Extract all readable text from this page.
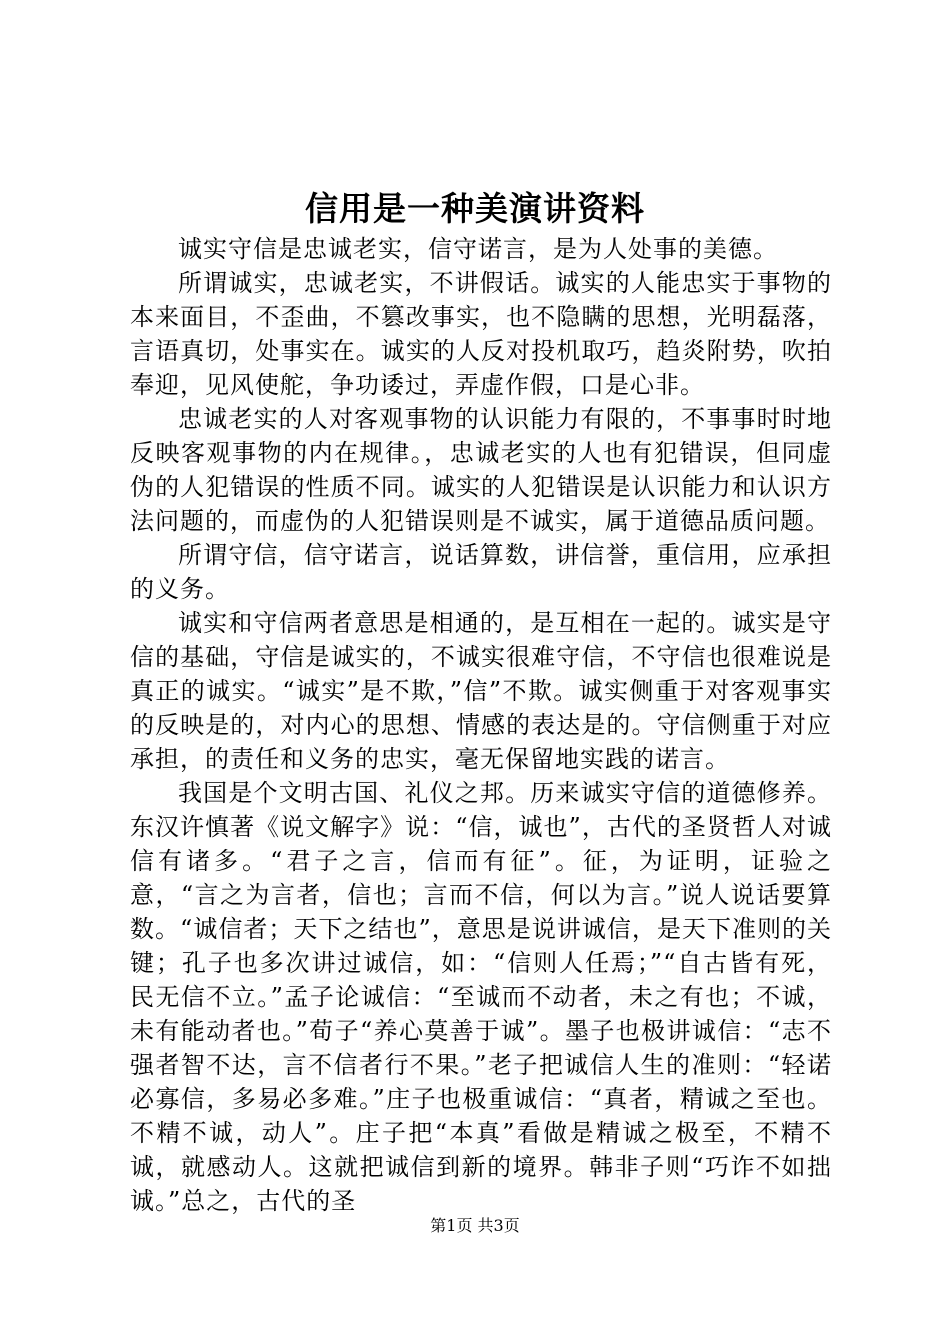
信用是一种美演讲资料

诚实守信是忠诚老实，信守诺言，是为人处事的美德。

所谓诚实，忠诚老实，不讲假话。诚实的人能忠实于事物的本来面目，不歪曲，不篡改事实，也不隐瞒的思想，光明磊落，言语真切，处事实在。诚实的人反对投机取巧，趋炎附势，吹拍奉迎，见风使舵，争功诿过，弄虚作假，口是心非。

忠诚老实的人对客观事物的认识能力有限的，不事事时时地反映客观事物的内在规律。，忠诚老实的人也有犯错误，但同虚伪的人犯错误的性质不同。诚实的人犯错误是认识能力和认识方法问题的，而虚伪的人犯错误则是不诚实，属于道德品质问题。

所谓守信，信守诺言，说话算数，讲信誉，重信用，应承担的义务。

诚实和守信两者意思是相通的，是互相在一起的。诚实是守信的基础，守信是诚实的，不诚实很难守信，不守信也很难说是真正的诚实。“诚实”是不欺，”信”不欺。诚实侧重于对客观事实的反映是的，对内心的思想、情感的表达是的。守信侧重于对应承担，的责任和义务的忠实，毫无保留地实践的诺言。

我国是个文明古国、礼仪之邦。历来诚实守信的道德修养。东汉许慎著《说文解字》说：“信，诚也”，古代的圣贤哲人对诚信有诸多。“君子之言，信而有征”。征，为证明，证验之意，“言之为言者，信也；言而不信，何以为言。”说人说话要算数。“诚信者；天下之结也”，意思是说讲诚信，是天下准则的关键；孔子也多次讲过诚信，如：“信则人任焉；”“自古皆有死，民无信不立。”孟子论诚信：“至诚而不动者，未之有也；不诚，未有能动者也。”荀子“养心莫善于诚”。墨子也极讲诚信：“志不强者智不达，言不信者行不果。”老子把诚信人生的准则：“轻诺必寡信，多易必多难。”庄子也极重诚信：“真者，精诚之至也。不精不诚，动人”。庄子把“本真”看做是精诚之极至，不精不诚，就感动人。这就把诚信到新的境界。韩非子则“巧诈不如拙诚。”总之，古代的圣

第1页 共3页
